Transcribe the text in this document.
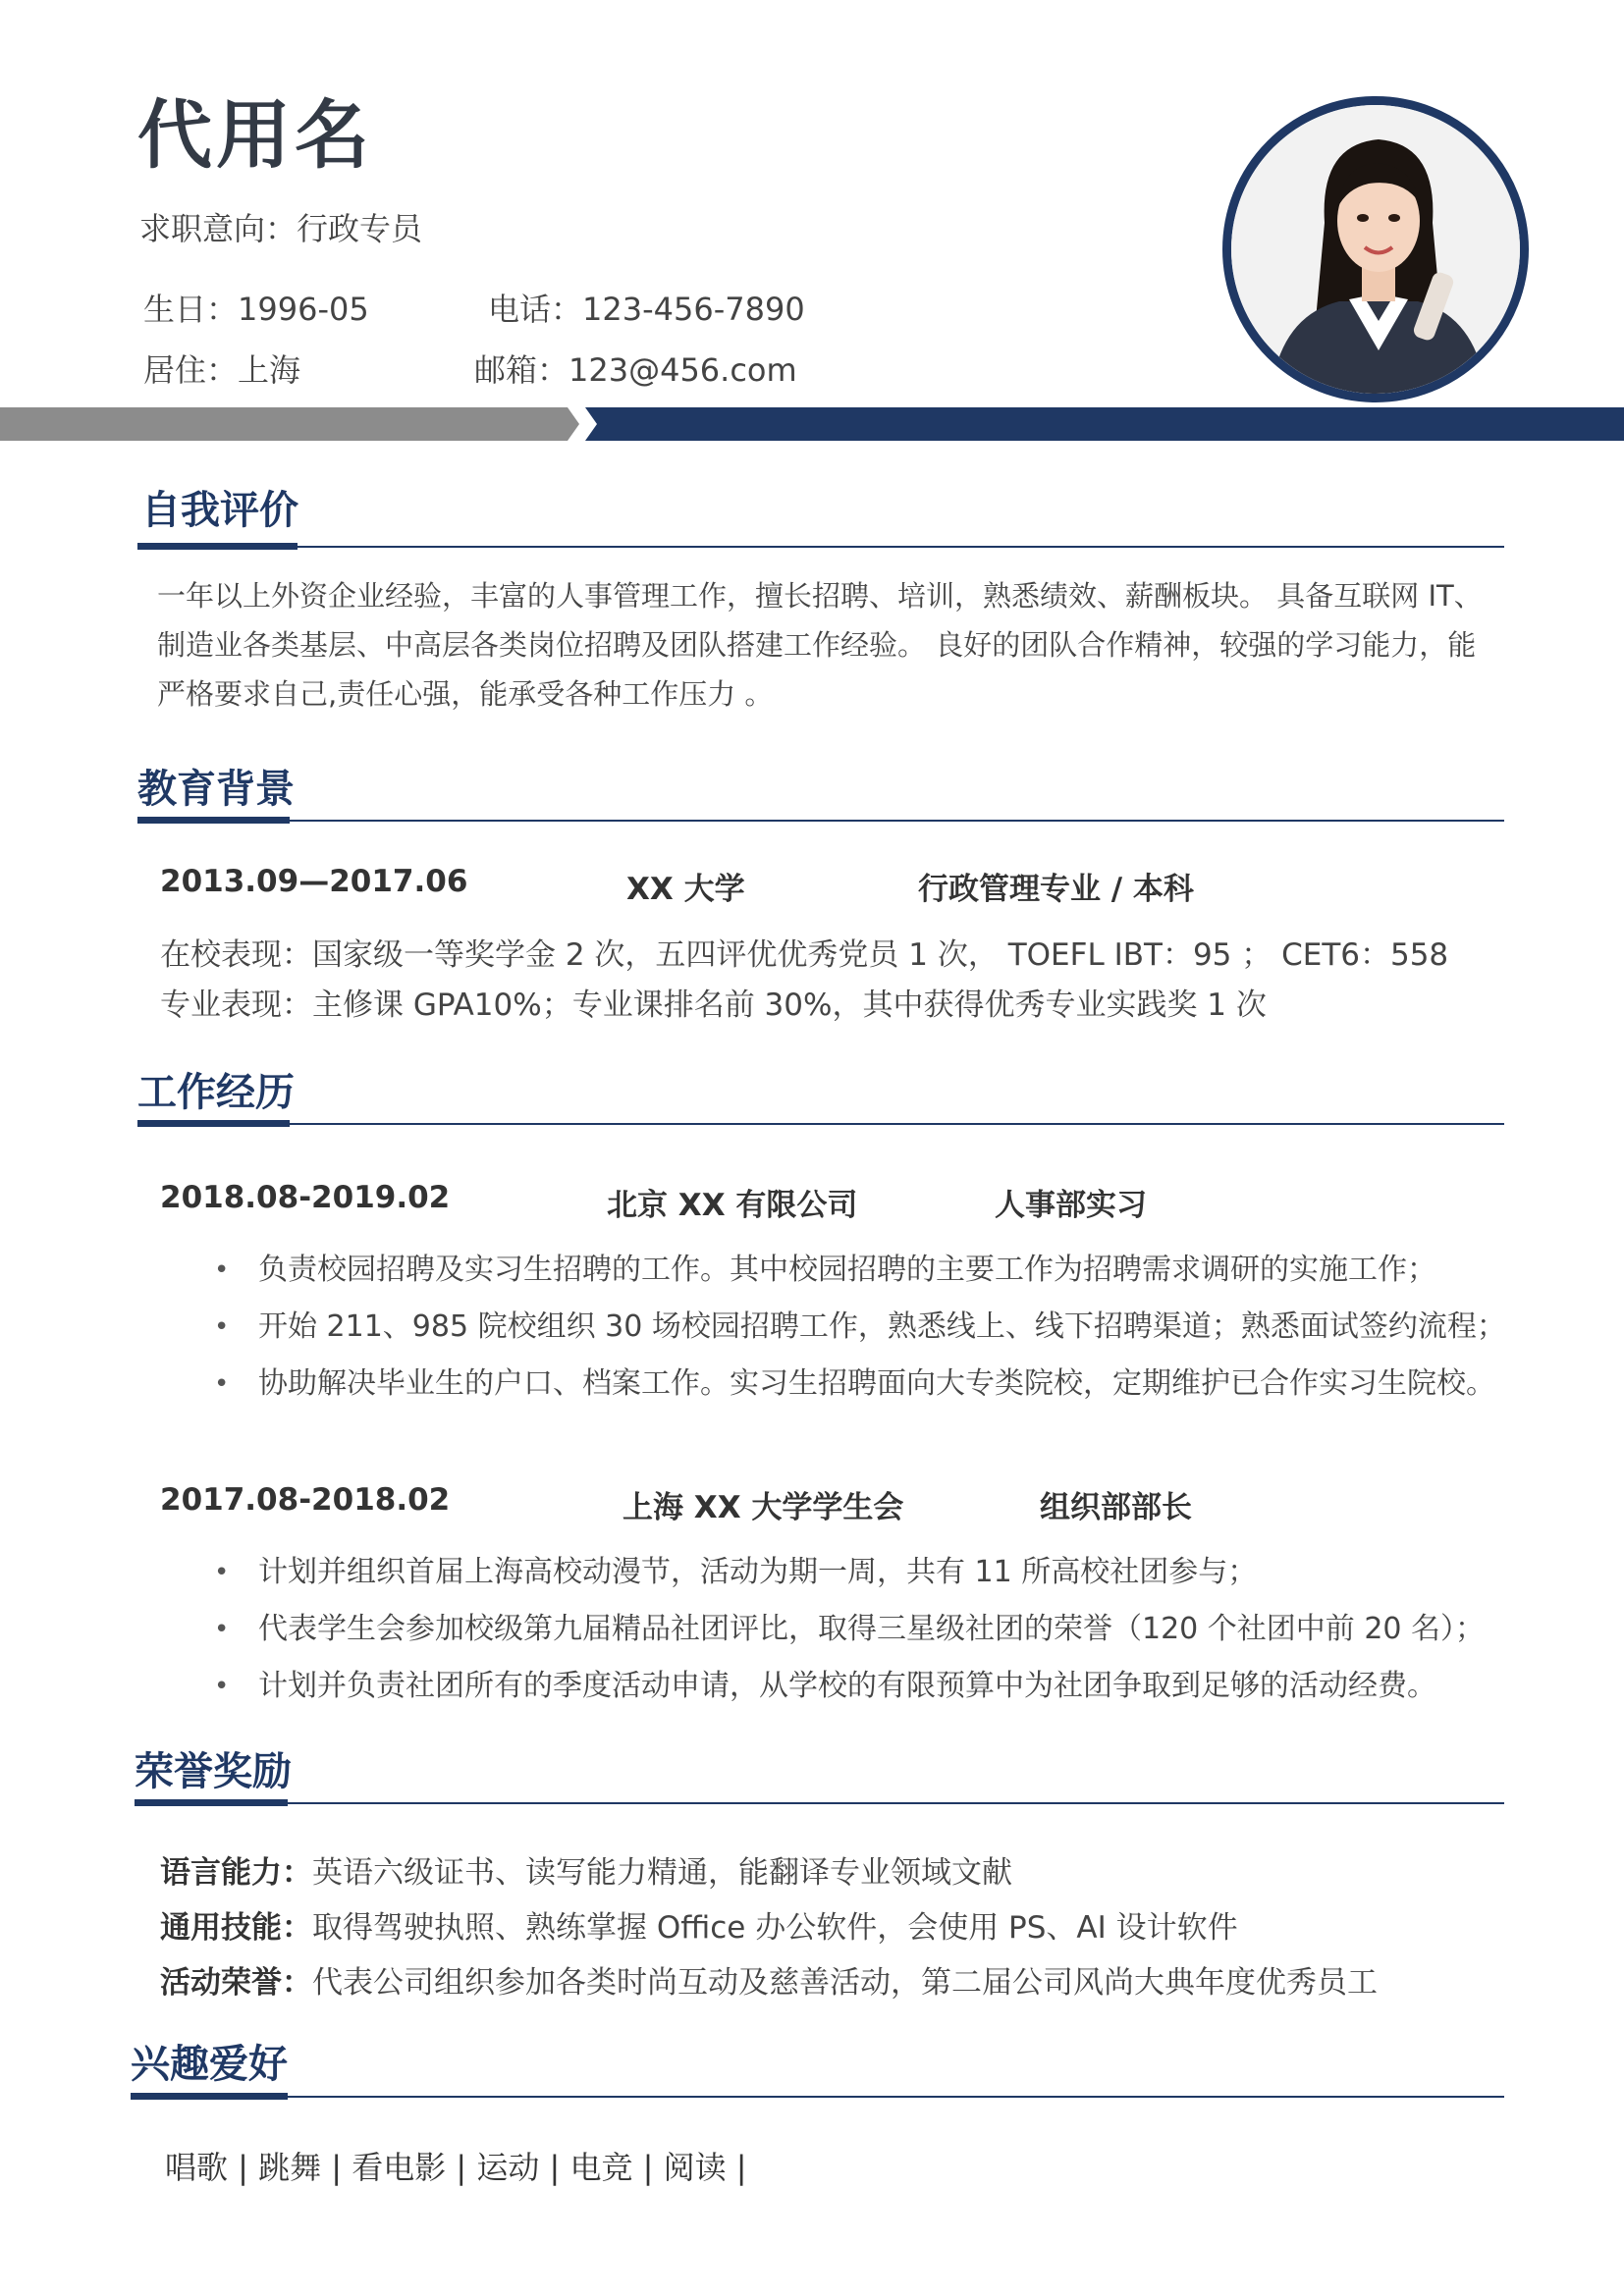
代用名
求职意向：行政专员
生日：1996-05	电话：123-456-7890
居住：上海	邮箱：123@456.com
自我评价
一年以上外资企业经验，丰富的人事管理工作，擅长招聘、培训，熟悉绩效、薪酬板块。 具备互联网 IT、
制造业各类基层、中高层各类岗位招聘及团队搭建工作经验。 良好的团队合作精神，较强的学习能力，能
严格要求自己,责任心强，能承受各种工作压力 。
教育背景
2013.09—2017.06	XX 大学	行政管理专业 / 本科
在校表现：国家级一等奖学金 2 次，五四评优优秀党员 1 次， TOEFL IBT：95 ； CET6：558
专业表现：主修课 GPA10%；专业课排名前 30%，其中获得优秀专业实践奖 1 次
工作经历
2018.08-2019.02	北京 XX 有限公司	人事部实习
• 负责校园招聘及实习生招聘的工作。其中校园招聘的主要工作为招聘需求调研的实施工作；
• 开始 211、985 院校组织 30 场校园招聘工作，熟悉线上、线下招聘渠道；熟悉面试签约流程；
• 协助解决毕业生的户口、档案工作。实习生招聘面向大专类院校，定期维护已合作实习生院校。
2017.08-2018.02	上海 XX 大学学生会	组织部部长
• 计划并组织首届上海高校动漫节，活动为期一周，共有 11 所高校社团参与；
• 代表学生会参加校级第九届精品社团评比，取得三星级社团的荣誉（120 个社团中前 20 名）；
• 计划并负责社团所有的季度活动申请，从学校的有限预算中为社团争取到足够的活动经费。
荣誉奖励
语言能力：英语六级证书、读写能力精通，能翻译专业领域文献
通用技能：取得驾驶执照、熟练掌握 Office 办公软件，会使用 PS、AI 设计软件
活动荣誉：代表公司组织参加各类时尚互动及慈善活动，第二届公司风尚大典年度优秀员工
兴趣爱好
唱歌 | 跳舞 | 看电影 | 运动 | 电竞 | 阅读 |
